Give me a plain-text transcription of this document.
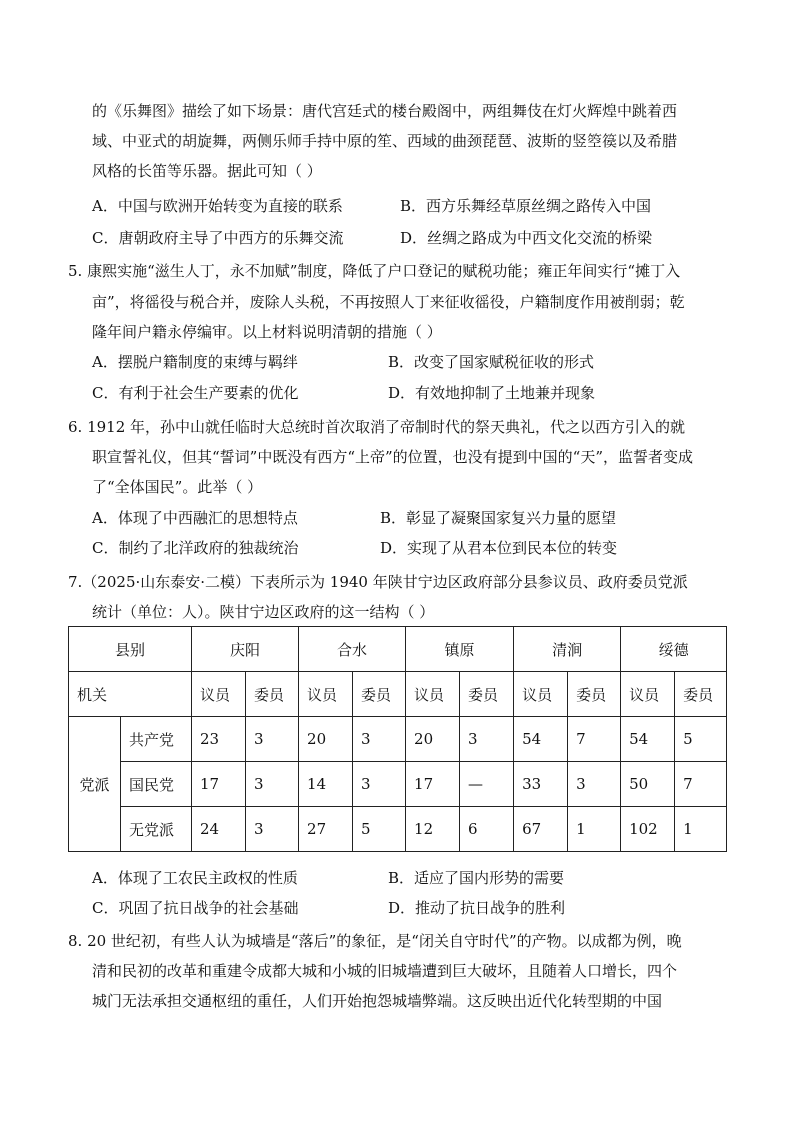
的《乐舞图》描绘了如下场景：唐代宫廷式的楼台殿阁中，两组舞伎在灯火辉煌中跳着西
域、中亚式的胡旋舞，两侧乐师手持中原的笙、西域的曲颈琵琶、波斯的竖箜篌以及希腊
风格的长笛等乐器。据此可知（ ）
A．中国与欧洲开始转变为直接的联系	B．西方乐舞经草原丝绸之路传入中国
C．唐朝政府主导了中西方的乐舞交流	D．丝绸之路成为中西文化交流的桥梁
5. 康熙实施“滋生人丁，永不加赋”制度，降低了户口登记的赋税功能；雍正年间实行“摊丁入
亩”，将徭役与税合并，废除人头税，不再按照人丁来征收徭役，户籍制度作用被削弱；乾
隆年间户籍永停编审。以上材料说明清朝的措施（ ）
A．摆脱户籍制度的束缚与羁绊	B．改变了国家赋税征收的形式
C．有利于社会生产要素的优化	D．有效地抑制了土地兼并现象
6. 1912 年，孙中山就任临时大总统时首次取消了帝制时代的祭天典礼，代之以西方引入的就
职宣誓礼仪，但其“誓词”中既没有西方“上帝”的位置，也没有提到中国的“天”，监誓者变成
了“全体国民”。此举（ ）
A．体现了中西融汇的思想特点	B．彰显了凝聚国家复兴力量的愿望
C．制约了北洋政府的独裁统治	D．实现了从君本位到民本位的转变
7.（2025·山东泰安·二模）下表所示为 1940 年陕甘宁边区政府部分县参议员、政府委员党派
统计（单位：人）。陕甘宁边区政府的这一结构（ ）
县别		庆阳		合水		镇原		清涧		绥德	
机关		议员	委员	议员	委员	议员	委员	议员	委员	议员	委员
党派	共产党	23	3	20	3	20	3	54	7	54	5
	国民党	17	3	14	3	17	—	33	3	50	7
	无党派	24	3	27	5	12	6	67	1	102	1
A．体现了工农民主政权的性质	B．适应了国内形势的需要
C．巩固了抗日战争的社会基础	D．推动了抗日战争的胜利
8. 20 世纪初，有些人认为城墙是“落后”的象征，是“闭关自守时代”的产物。以成都为例，晚
清和民初的改革和重建令成都大城和小城的旧城墙遭到巨大破坏，且随着人口增长，四个
城门无法承担交通枢纽的重任，人们开始抱怨城墙弊端。这反映出近代化转型期的中国
